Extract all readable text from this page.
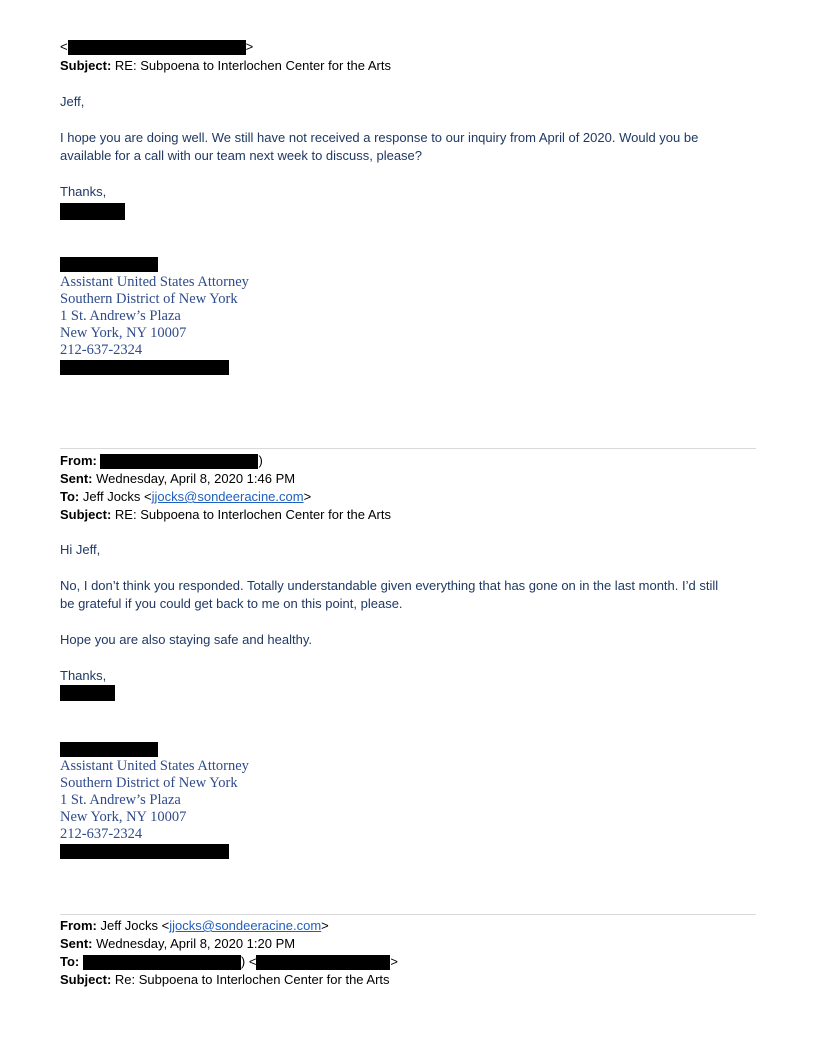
<	>
Subject: RE: Subpoena to Interlochen Center for the Arts
Jeff,
I hope you are doing well. We still have not received a response to our inquiry from April of 2020. Would you be
available for a call with our team next week to discuss, please?
Thanks,
Assistant United States Attorney
Southern District of New York
1 St. Andrew’s Plaza
New York, NY 10007
212-637-2324
From:	)
Sent: Wednesday, April 8, 2020 1:46 PM
To: Jeff Jocks <jjocks@sondeeracine.com>
Subject: RE: Subpoena to Interlochen Center for the Arts
Hi Jeff,
No, I don’t think you responded. Totally understandable given everything that has gone on in the last month. I’d still
be grateful if you could get back to me on this point, please.
Hope you are also staying safe and healthy.
Thanks,
Assistant United States Attorney
Southern District of New York
1 St. Andrew’s Plaza
New York, NY 10007
212-637-2324
From: Jeff Jocks <jjocks@sondeeracine.com>
Sent: Wednesday, April 8, 2020 1:20 PM
To:	) <	>
Subject: Re: Subpoena to Interlochen Center for the Arts
